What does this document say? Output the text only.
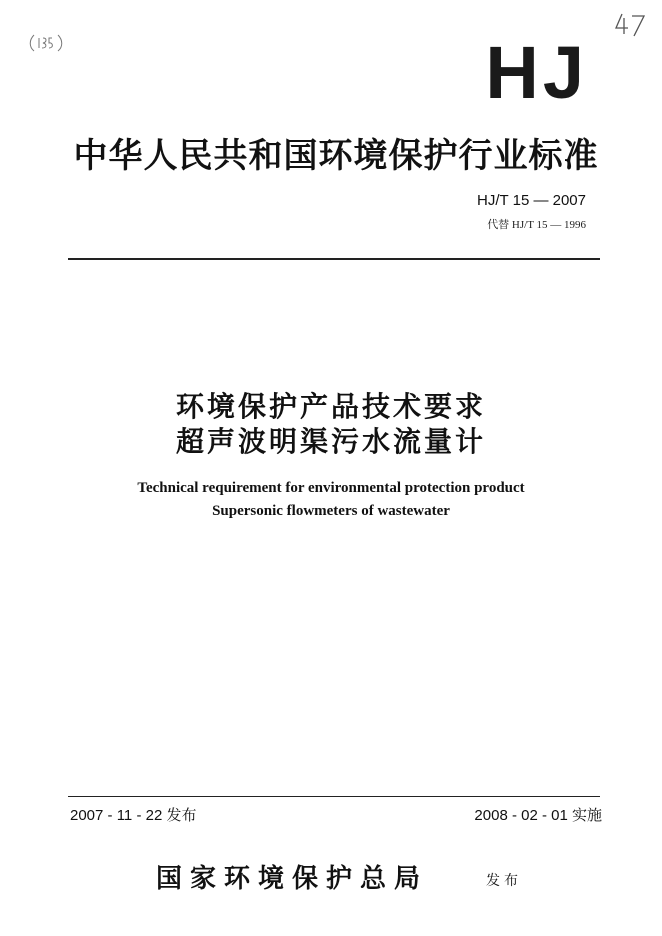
HJ
中华人民共和国环境保护行业标准
HJ/T 15 — 2007
代替 HJ/T 15 — 1996
环境保护产品技术要求
超声波明渠污水流量计
Technical requirement for environmental protection product
Supersonic flowmeters of wastewater
2007 - 11 - 22 发布	2008 - 02 - 01 实施
国家环境保护总局	发布
